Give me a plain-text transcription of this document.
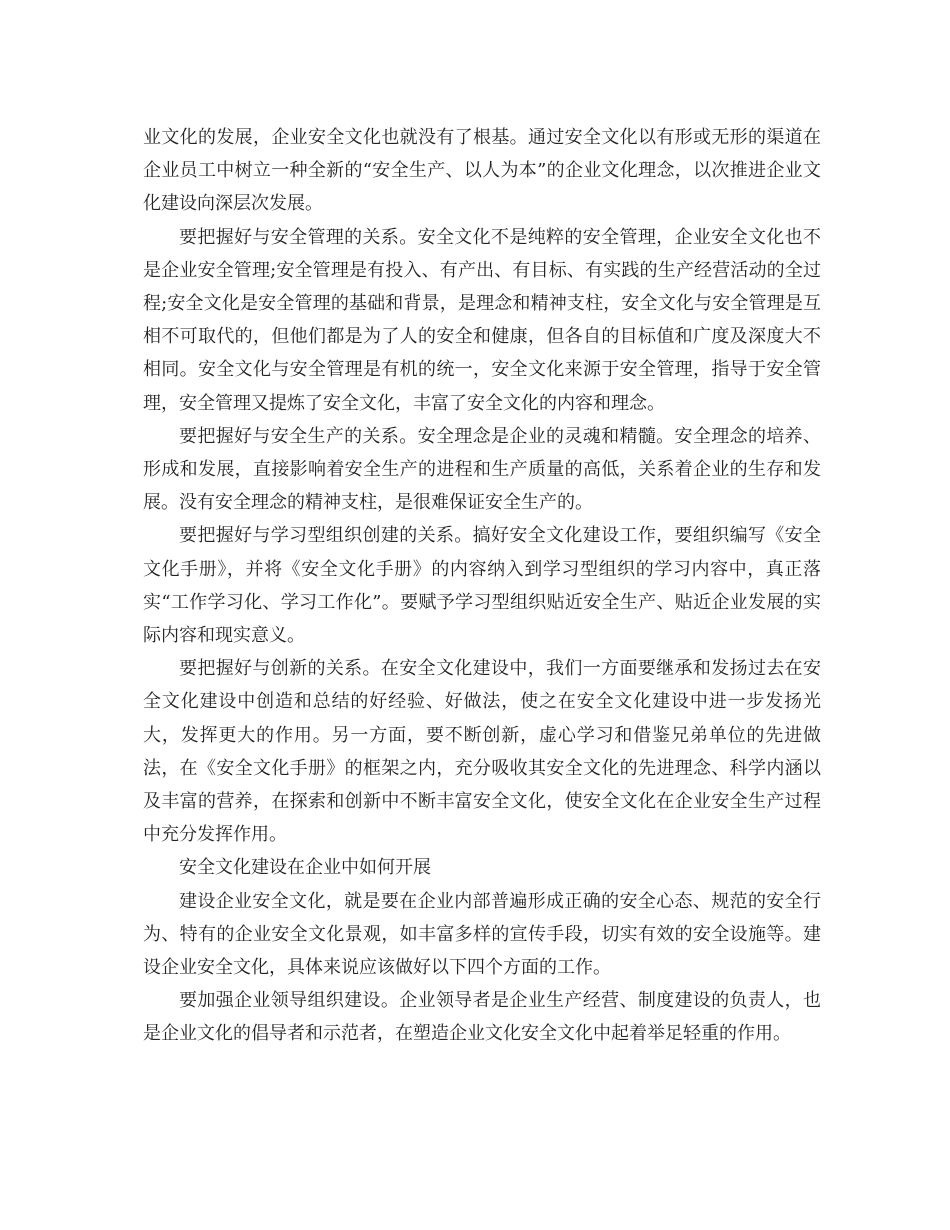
业文化的发展，企业安全文化也就没有了根基。通过安全文化以有形或无形的渠道在企业员工中树立一种全新的“安全生产、以人为本”的企业文化理念，以次推进企业文化建设向深层次发展。

要把握好与安全管理的关系。安全文化不是纯粹的安全管理，企业安全文化也不是企业安全管理;安全管理是有投入、有产出、有目标、有实践的生产经营活动的全过程;安全文化是安全管理的基础和背景，是理念和精神支柱，安全文化与安全管理是互相不可取代的，但他们都是为了人的安全和健康，但各自的目标值和广度及深度大不相同。安全文化与安全管理是有机的统一，安全文化来源于安全管理，指导于安全管理，安全管理又提炼了安全文化，丰富了安全文化的内容和理念。

要把握好与安全生产的关系。安全理念是企业的灵魂和精髓。安全理念的培养、形成和发展，直接影响着安全生产的进程和生产质量的高低，关系着企业的生存和发展。没有安全理念的精神支柱，是很难保证安全生产的。

要把握好与学习型组织创建的关系。搞好安全文化建设工作，要组织编写《安全文化手册》，并将《安全文化手册》的内容纳入到学习型组织的学习内容中，真正落实“工作学习化、学习工作化”。要赋予学习型组织贴近安全生产、贴近企业发展的实际内容和现实意义。

要把握好与创新的关系。在安全文化建设中，我们一方面要继承和发扬过去在安全文化建设中创造和总结的好经验、好做法，使之在安全文化建设中进一步发扬光大，发挥更大的作用。另一方面，要不断创新，虚心学习和借鉴兄弟单位的先进做法，在《安全文化手册》的框架之内，充分吸收其安全文化的先进理念、科学内涵以及丰富的营养，在探索和创新中不断丰富安全文化，使安全文化在企业安全生产过程中充分发挥作用。

安全文化建设在企业中如何开展

建设企业安全文化，就是要在企业内部普遍形成正确的安全心态、规范的安全行为、特有的企业安全文化景观，如丰富多样的宣传手段，切实有效的安全设施等。建设企业安全文化，具体来说应该做好以下四个方面的工作。

要加强企业领导组织建设。企业领导者是企业生产经营、制度建设的负责人，也是企业文化的倡导者和示范者，在塑造企业文化安全文化中起着举足轻重的作用。
